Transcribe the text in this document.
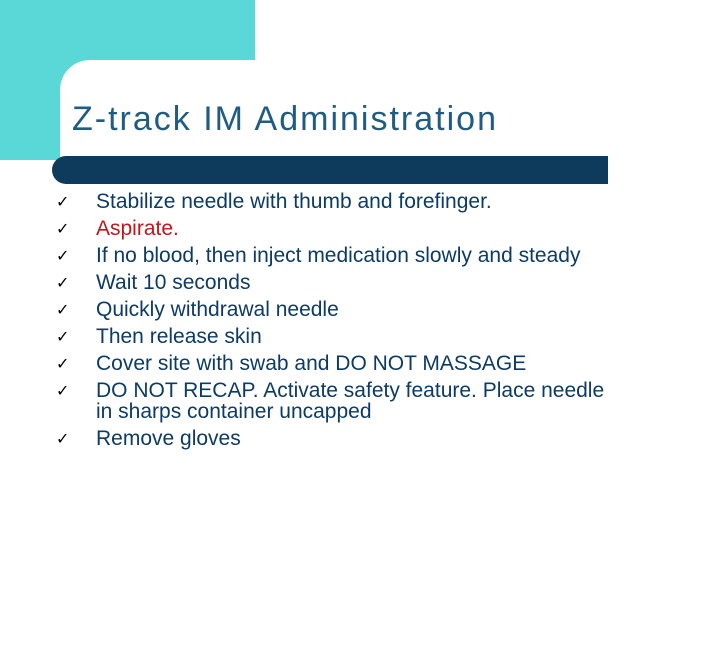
Z-track IM Administration
✓	Stabilize needle with thumb and forefinger.
✓	Aspirate.
✓	If no blood, then inject medication slowly and steady
✓	Wait 10 seconds
✓	Quickly withdrawal needle
✓	Then release skin
✓	Cover site with swab and DO NOT MASSAGE
✓	DO NOT RECAP. Activate safety feature. Place needle in sharps container uncapped
✓	Remove gloves
